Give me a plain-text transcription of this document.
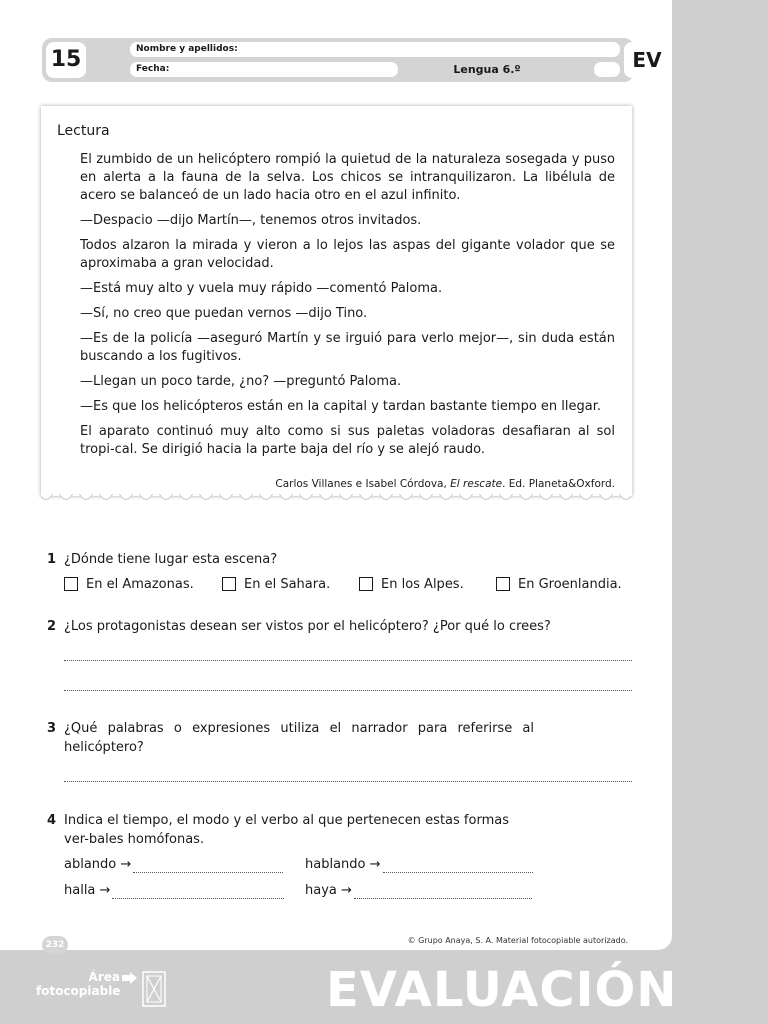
15	Nombre y apellidos:
Fecha:	Lengua 6.º	EV
Lectura

El zumbido de un helicóptero rompió la quietud de la naturaleza sosegada y puso en alerta a la fauna de la selva. Los chicos se intranquilizaron. La libélula de acero se balanceó de un lado hacia otro en el azul infinito.

—Despacio —dijo Martín—, tenemos otros invitados.

Todos alzaron la mirada y vieron a lo lejos las aspas del gigante volador que se aproximaba a gran velocidad.

—Está muy alto y vuela muy rápido —comentó Paloma.

—Sí, no creo que puedan vernos —dijo Tino.

—Es de la policía —aseguró Martín y se irguió para verlo mejor—, sin duda están buscando a los fugitivos.

—Llegan un poco tarde, ¿no? —preguntó Paloma.

—Es que los helicópteros están en la capital y tardan bastante tiempo en llegar.

El aparato continuó muy alto como si sus paletas voladoras desafiaran al sol tropi-cal. Se dirigió hacia la parte baja del río y se alejó raudo.

Carlos Villanes e Isabel Córdova, El rescate. Ed. Planeta&Oxford.
1 ¿Dónde tiene lugar esta escena?
En el Amazonas.	En el Sahara.	En los Alpes.	En Groenlandia.
2 ¿Los protagonistas desean ser vistos por el helicóptero? ¿Por qué lo crees?
3 ¿Qué palabras o expresiones utiliza el narrador para referirse al helicóptero?
4 Indica el tiempo, el modo y el verbo al que pertenecen estas formas ver-bales homófonas.
ablando →	hablando →
halla →	haya →
232	© Grupo Anaya, S. A. Material fotocopiable autorizado.
Área
fotocopiable	EVALUACIÓN
